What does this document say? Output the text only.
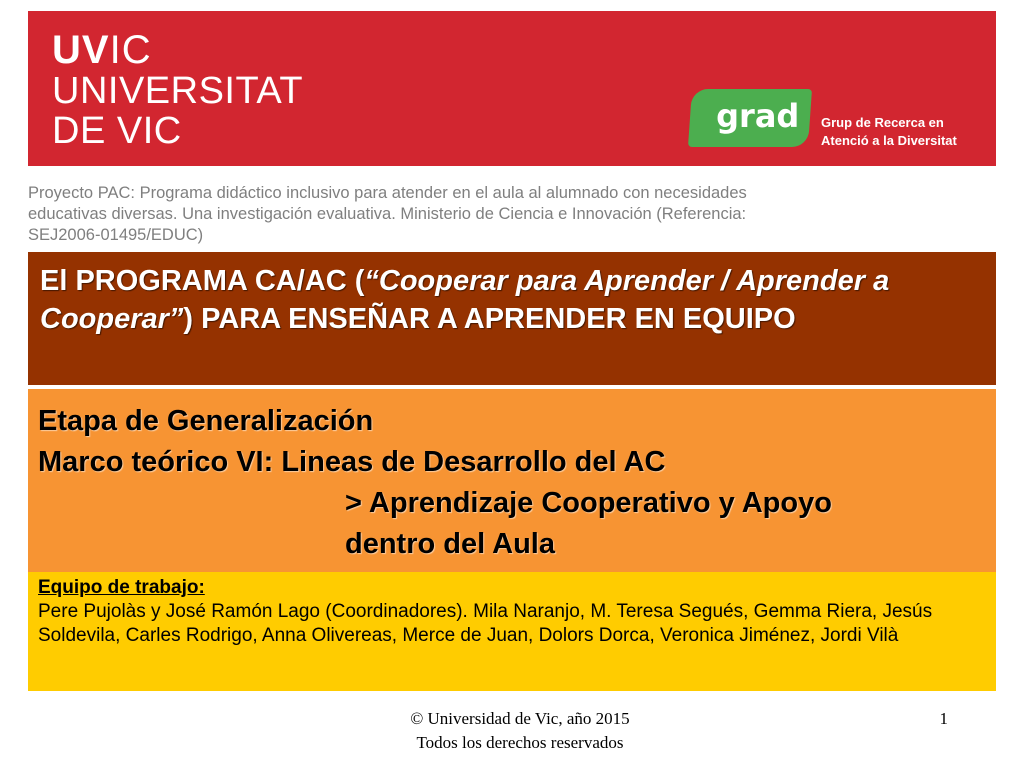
UVIC
UNIVERSITAT
DE VIC	grad Grup de Recerca en
Atenció a la Diversitat
Proyecto PAC: Programa didáctico inclusivo para atender en el aula al alumnado con necesidades
educativas diversas. Una investigación evaluativa. Ministerio de Ciencia e Innovación (Referencia:
SEJ2006-01495/EDUC)
El PROGRAMA CA/AC (“Cooperar para Aprender / Aprender a Cooperar”) PARA ENSEÑAR A APRENDER EN EQUIPO
Etapa de Generalización
Marco teórico VI: Lineas de Desarrollo del AC
> Aprendizaje Cooperativo y Apoyo
dentro del Aula
Equipo de trabajo:
Pere Pujolàs y José Ramón Lago (Coordinadores). Mila Naranjo, M. Teresa Segués, Gemma Riera, Jesús Soldevila, Carles Rodrigo, Anna Olivereas, Merce de Juan, Dolors Dorca, Veronica Jiménez, Jordi Vilà
© Universidad de Vic, año 2015
Todos los derechos reservados
1
